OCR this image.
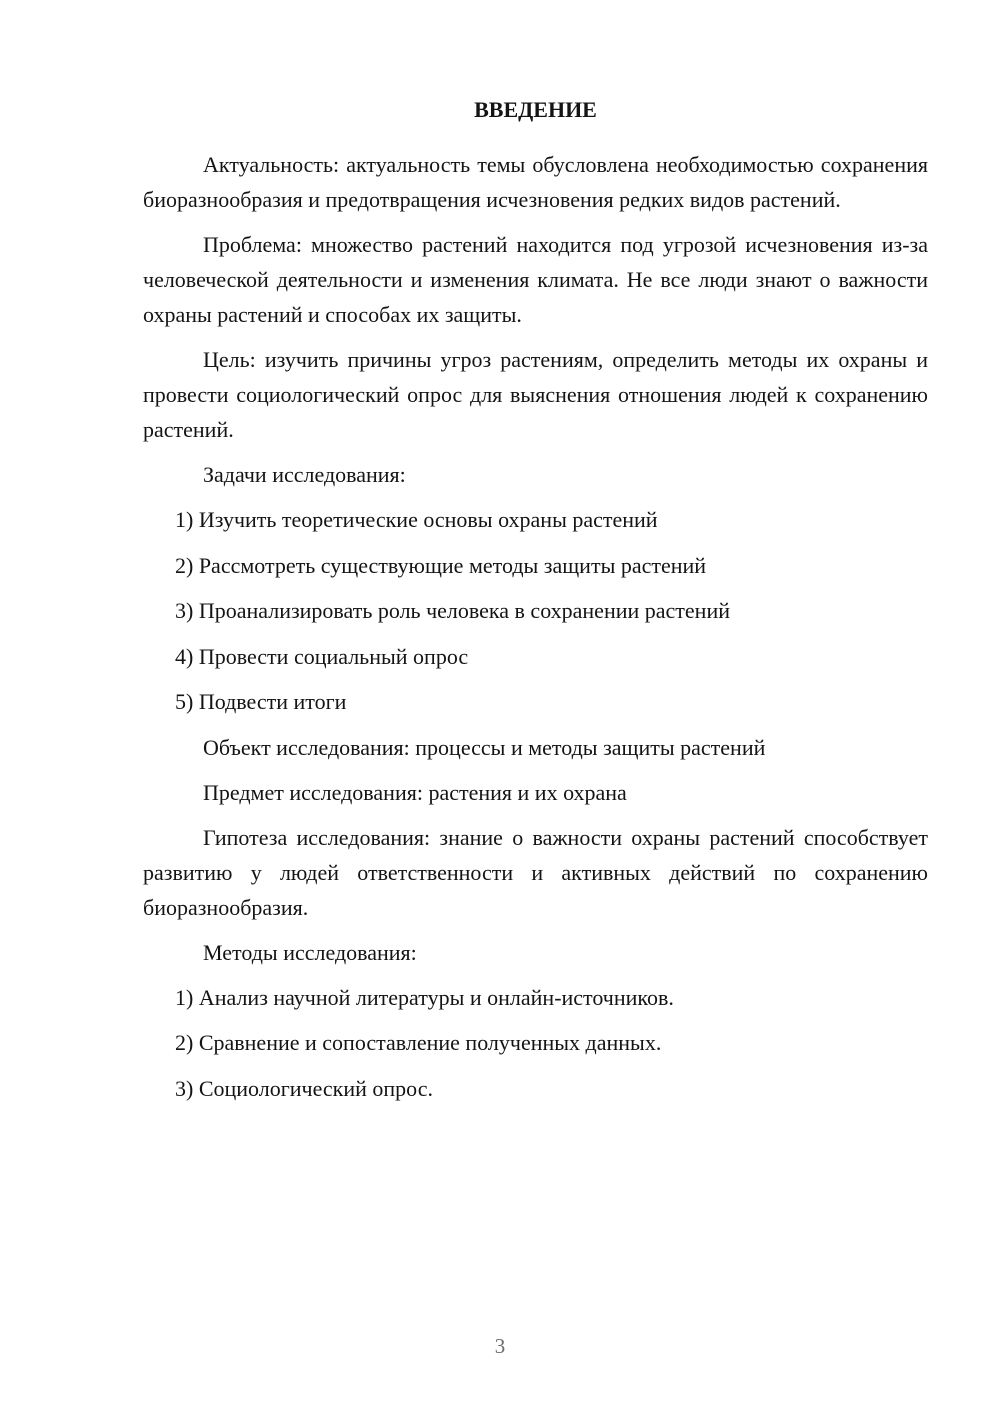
ВВЕДЕНИЕ

Актуальность: актуальность темы обусловлена необходимостью сохранения биоразнообразия и предотвращения исчезновения редких видов растений.

Проблема: множество растений находится под угрозой исчезновения из-за человеческой деятельности и изменения климата. Не все люди знают о важности охраны растений и способах их защиты.

Цель: изучить причины угроз растениям, определить методы их охраны и провести социологический опрос для выяснения отношения людей к сохранению растений.

Задачи исследования:

1) Изучить теоретические основы охраны растений
2) Рассмотреть существующие методы защиты растений
3) Проанализировать роль человека в сохранении растений
4) Провести социальный опрос
5) Подвести итоги

Объект исследования: процессы и методы защиты растений

Предмет исследования: растения и их охрана

Гипотеза исследования: знание о важности охраны растений способствует развитию у людей ответственности и активных действий по сохранению биоразнообразия.

Методы исследования:

1) Анализ научной литературы и онлайн-источников.
2) Сравнение и сопоставление полученных данных.
3) Социологический опрос.
3
